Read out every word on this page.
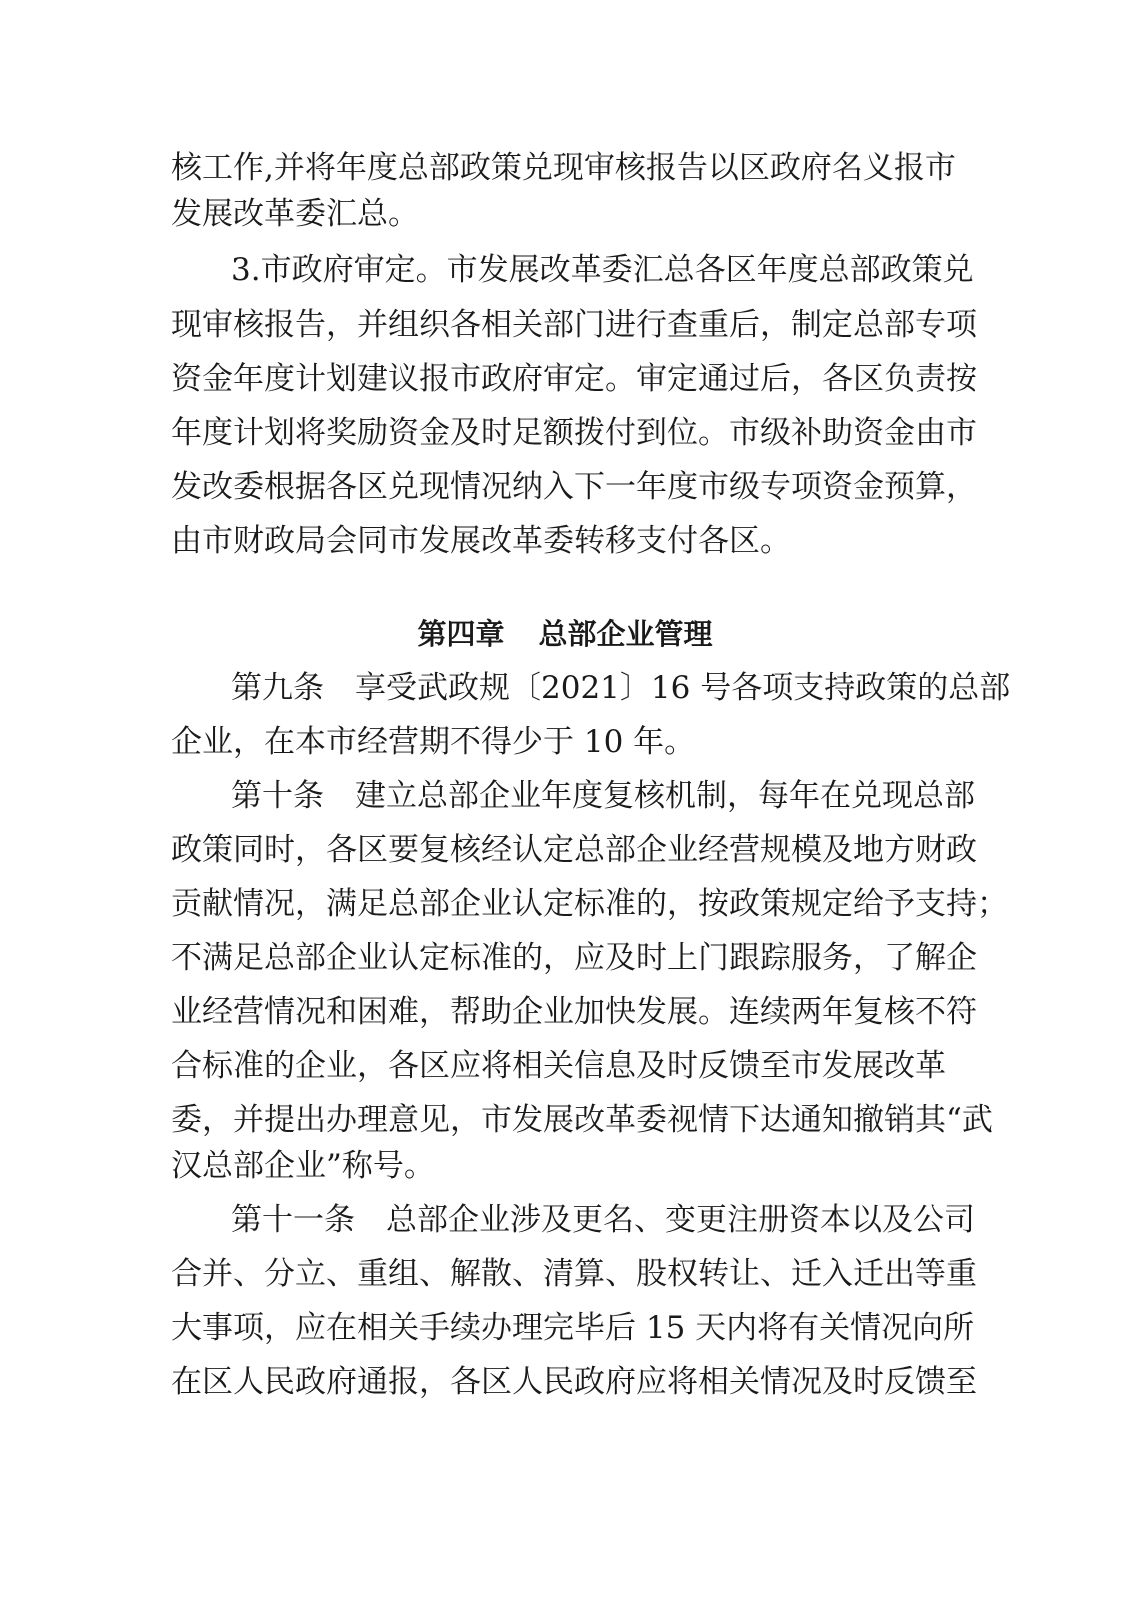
核工作,并将年度总部政策兑现审核报告以区政府名义报市
发展改革委汇总。
3.市政府审定。市发展改革委汇总各区年度总部政策兑
现审核报告，并组织各相关部门进行查重后，制定总部专项
资金年度计划建议报市政府审定。审定通过后，各区负责按
年度计划将奖励资金及时足额拨付到位。市级补助资金由市
发改委根据各区兑现情况纳入下一年度市级专项资金预算，
由市财政局会同市发展改革委转移支付各区。
第四章 总部企业管理
第九条　享受武政规〔2021〕16 号各项支持政策的总部
企业，在本市经营期不得少于 10 年。
第十条　建立总部企业年度复核机制，每年在兑现总部
政策同时，各区要复核经认定总部企业经营规模及地方财政
贡献情况，满足总部企业认定标准的，按政策规定给予支持；
不满足总部企业认定标准的，应及时上门跟踪服务，了解企
业经营情况和困难，帮助企业加快发展。连续两年复核不符
合标准的企业，各区应将相关信息及时反馈至市发展改革
委，并提出办理意见，市发展改革委视情下达通知撤销其“武
汉总部企业”称号。
第十一条　总部企业涉及更名、变更注册资本以及公司
合并、分立、重组、解散、清算、股权转让、迁入迁出等重
大事项，应在相关手续办理完毕后 15 天内将有关情况向所
在区人民政府通报，各区人民政府应将相关情况及时反馈至
